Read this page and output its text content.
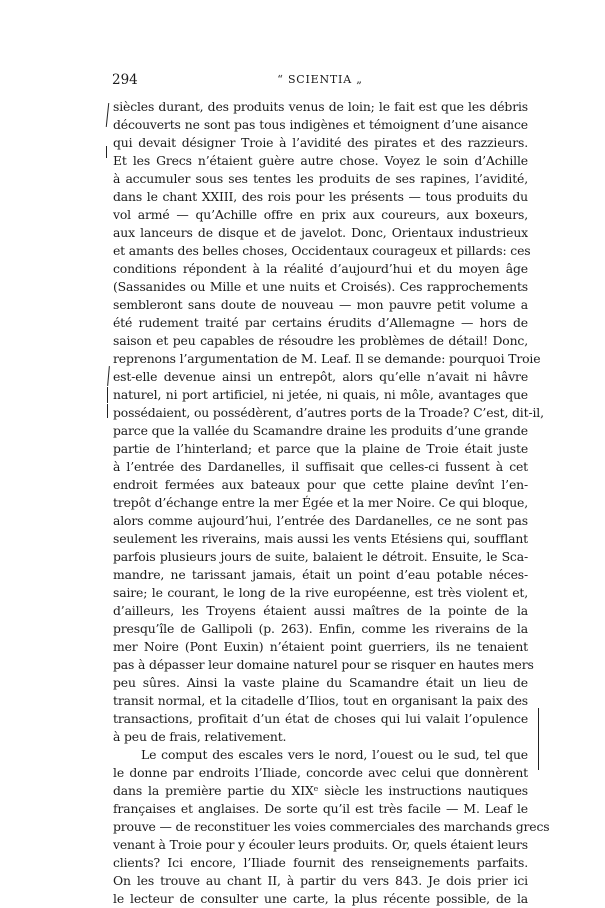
294	“ SCIENTIA „
siècles durant, des produits venus de loin; le fait est que les débris
découverts ne sont pas tous indigènes et témoignent d’une aisance
qui devait désigner Troie à l’avidité des pirates et des razzieurs.
Et les Grecs n’étaient guère autre chose. Voyez le soin d’Achille
à accumuler sous ses tentes les produits de ses rapines, l’avidité,
dans le chant XXIII, des rois pour les présents — tous produits du
vol armé — qu’Achille offre en prix aux coureurs, aux boxeurs,
aux lanceurs de disque et de javelot. Donc, Orientaux industrieux
et amants des belles choses, Occidentaux courageux et pillards: ces
conditions répondent à la réalité d’aujourd’hui et du moyen âge
(Sassanides ou Mille et une nuits et Croisés). Ces rapprochements
sembleront sans doute de nouveau — mon pauvre petit volume a
été rudement traité par certains érudits d’Allemagne — hors de
saison et peu capables de résoudre les problèmes de détail! Donc,
reprenons l’argumentation de M. Leaf. Il se demande: pourquoi Troie
est-elle devenue ainsi un entrepôt, alors qu’elle n’avait ni hâvre
naturel, ni port artificiel, ni jetée, ni quais, ni môle, avantages que
possédaient, ou possédèrent, d’autres ports de la Troade? C’est, dit-il,
parce que la vallée du Scamandre draine les produits d’une grande
partie de l’hinterland; et parce que la plaine de Troie était juste
à l’entrée des Dardanelles, il suffisait que celles-ci fussent à cet
endroit fermées aux bateaux pour que cette plaine devînt l’en-
trepôt d’échange entre la mer Égée et la mer Noire. Ce qui bloque,
alors comme aujourd’hui, l’entrée des Dardanelles, ce ne sont pas
seulement les riverains, mais aussi les vents Etésiens qui, soufflant
parfois plusieurs jours de suite, balaient le détroit. Ensuite, le Sca-
mandre, ne tarissant jamais, était un point d’eau potable néces-
saire; le courant, le long de la rive européenne, est très violent et,
d’ailleurs, les Troyens étaient aussi maîtres de la pointe de la
presqu’île de Gallipoli (p. 263). Enfin, comme les riverains de la
mer Noire (Pont Euxin) n’étaient point guerriers, ils ne tenaient
pas à dépasser leur domaine naturel pour se risquer en hautes mers
peu sûres. Ainsi la vaste plaine du Scamandre était un lieu de
transit normal, et la citadelle d’Ilios, tout en organisant la paix des
transactions, profitait d’un état de choses qui lui valait l’opulence
à peu de frais, relativement.
Le comput des escales vers le nord, l’ouest ou le sud, tel que
le donne par endroits l’Iliade, concorde avec celui que donnèrent
dans la première partie du XIXᵉ siècle les instructions nautiques
françaises et anglaises. De sorte qu’il est très facile — M. Leaf le
prouve — de reconstituer les voies commerciales des marchands grecs
venant à Troie pour y écouler leurs produits. Or, quels étaient leurs
clients? Ici encore, l’Iliade fournit des renseignements parfaits.
On les trouve au chant II, à partir du vers 843. Je dois prier ici
le lecteur de consulter une carte, la plus récente possible, de la
